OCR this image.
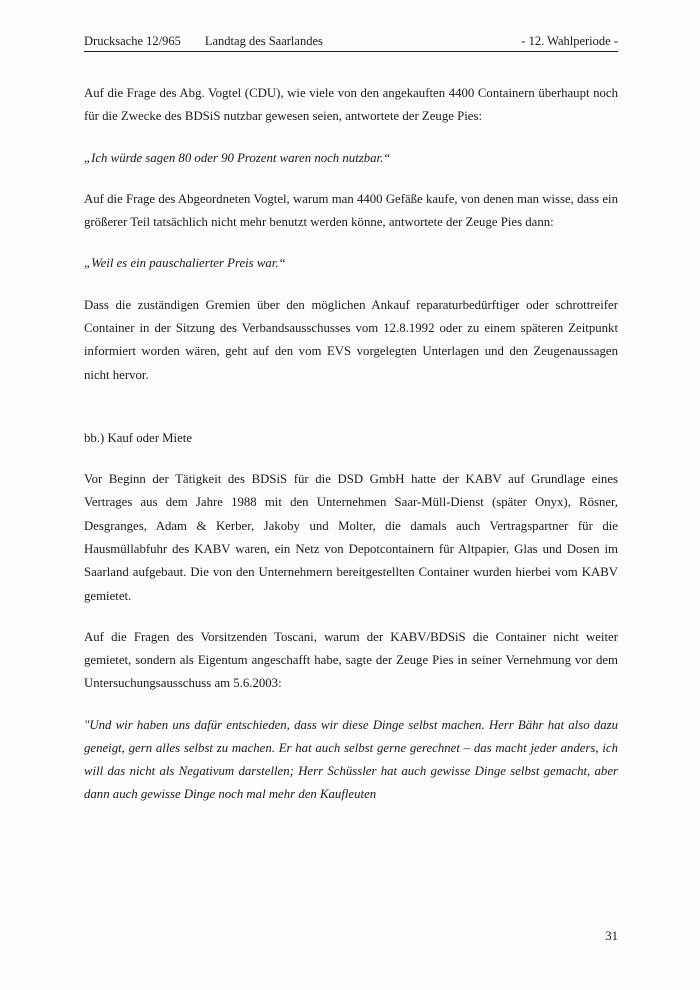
Drucksache 12/965 Landtag des Saarlandes	- 12. Wahlperiode -

Auf die Frage des Abg. Vogtel (CDU), wie viele von den angekauften 4400 Containern überhaupt noch für die Zwecke des BDSiS nutzbar gewesen seien, antwortete der Zeuge Pies:

„Ich würde sagen 80 oder 90 Prozent waren noch nutzbar.“

Auf die Frage des Abgeordneten Vogtel, warum man 4400 Gefäße kaufe, von denen man wisse, dass ein größerer Teil tatsächlich nicht mehr benutzt werden könne, antwortete der Zeuge Pies dann:

„Weil es ein pauschalierter Preis war.“

Dass die zuständigen Gremien über den möglichen Ankauf reparaturbedürftiger oder schrottreifer Container in der Sitzung des Verbandsausschusses vom 12.8.1992 oder zu einem späteren Zeitpunkt informiert worden wären, geht auf den vom EVS vorgelegten Unterlagen und den Zeugenaussagen nicht hervor.

bb.) Kauf oder Miete

Vor Beginn der Tätigkeit des BDSiS für die DSD GmbH hatte der KABV auf Grundlage eines Vertrages aus dem Jahre 1988 mit den Unternehmen Saar-Müll-Dienst (später Onyx), Rösner, Desgranges, Adam & Kerber, Jakoby und Molter, die damals auch Vertragspartner für die Hausmüllabfuhr des KABV waren, ein Netz von Depotcontainern für Altpapier, Glas und Dosen im Saarland aufgebaut. Die von den Unternehmern bereitgestellten Container wurden hierbei vom KABV gemietet.

Auf die Fragen des Vorsitzenden Toscani, warum der KABV/BDSiS die Container nicht weiter gemietet, sondern als Eigentum angeschafft habe, sagte der Zeuge Pies in seiner Vernehmung vor dem Untersuchungsausschuss am 5.6.2003:

"Und wir haben uns dafür entschieden, dass wir diese Dinge selbst machen. Herr Bähr hat also dazu geneigt, gern alles selbst zu machen. Er hat auch selbst gerne gerechnet – das macht jeder anders, ich will das nicht als Negativum darstellen; Herr Schüssler hat auch gewisse Dinge selbst gemacht, aber dann auch gewisse Dinge noch mal mehr den Kaufleuten

31
